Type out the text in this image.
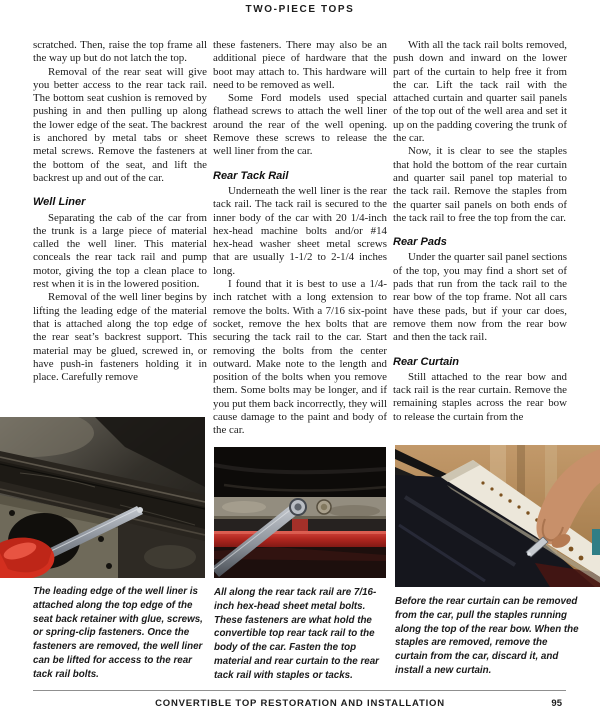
TWO-PIECE TOPS

scratched. Then, raise the top frame all the way up but do not latch the top.

Removal of the rear seat will give you better access to the rear tack rail. The bottom seat cushion is removed by pushing in and then pulling up along the lower edge of the seat. The backrest is anchored by metal tabs or sheet metal screws. Remove the fasteners at the bottom of the seat, and lift the backrest up and out of the car.

Well Liner

Separating the cab of the car from the trunk is a large piece of material called the well liner. This material conceals the rear tack rail and pump motor, giving the top a clean place to rest when it is in the lowered position.

Removal of the well liner begins by lifting the leading edge of the material that is attached along the top edge of the rear seat’s backrest support. This material may be glued, screwed in, or have push-in fasteners holding it in place. Carefully remove

these fasteners. There may also be an additional piece of hardware that the boot may attach to. This hardware will need to be removed as well.

Some Ford models used special flathead screws to attach the well liner around the rear of the well opening. Remove these screws to release the well liner from the car.

Rear Tack Rail

Underneath the well liner is the rear tack rail. The tack rail is secured to the inner body of the car with 20 1/4-inch hex-head machine bolts and/or #14 hex-head washer sheet metal screws that are usually 1-1/2 to 2-1/4 inches long.

I found that it is best to use a 1/4-inch ratchet with a long extension to remove the bolts. With a 7/16 six-point socket, remove the hex bolts that are securing the tack rail to the car. Start removing the bolts from the center outward. Make note to the length and position of the bolts when you remove them. Some bolts may be longer, and if you put them back incorrectly, they will cause damage to the paint and body of the car.

With all the tack rail bolts removed, push down and inward on the lower part of the curtain to help free it from the car. Lift the tack rail with the attached curtain and quarter sail panels of the top out of the well area and set it up on the padding covering the trunk of the car.

Now, it is clear to see the staples that hold the bottom of the rear curtain and quarter sail panel top material to the tack rail. Remove the staples from the quarter sail panels on both ends of the tack rail to free the top from the car.

Rear Pads

Under the quarter sail panel sections of the top, you may find a short set of pads that run from the tack rail to the rear bow of the top frame. Not all cars have these pads, but if your car does, remove them now from the rear bow and then the tack rail.

Rear Curtain

Still attached to the rear bow and tack rail is the rear curtain. Remove the remaining staples across the rear bow to release the curtain from the

The leading edge of the well liner is attached along the top edge of the seat back retainer with glue, screws, or spring-clip fasteners. Once the fasteners are removed, the well liner can be lifted for access to the rear tack rail bolts.
All along the rear tack rail are 7/16-inch hex-head sheet metal bolts. These fasteners are what hold the convertible top rear tack rail to the body of the car. Fasten the top material and rear curtain to the rear tack rail with staples or tacks.
Before the rear curtain can be removed from the car, pull the staples running along the top of the rear bow. When the staples are removed, remove the curtain from the car, discard it, and install a new curtain.
CONVERTIBLE TOP RESTORATION AND INSTALLATION	95
